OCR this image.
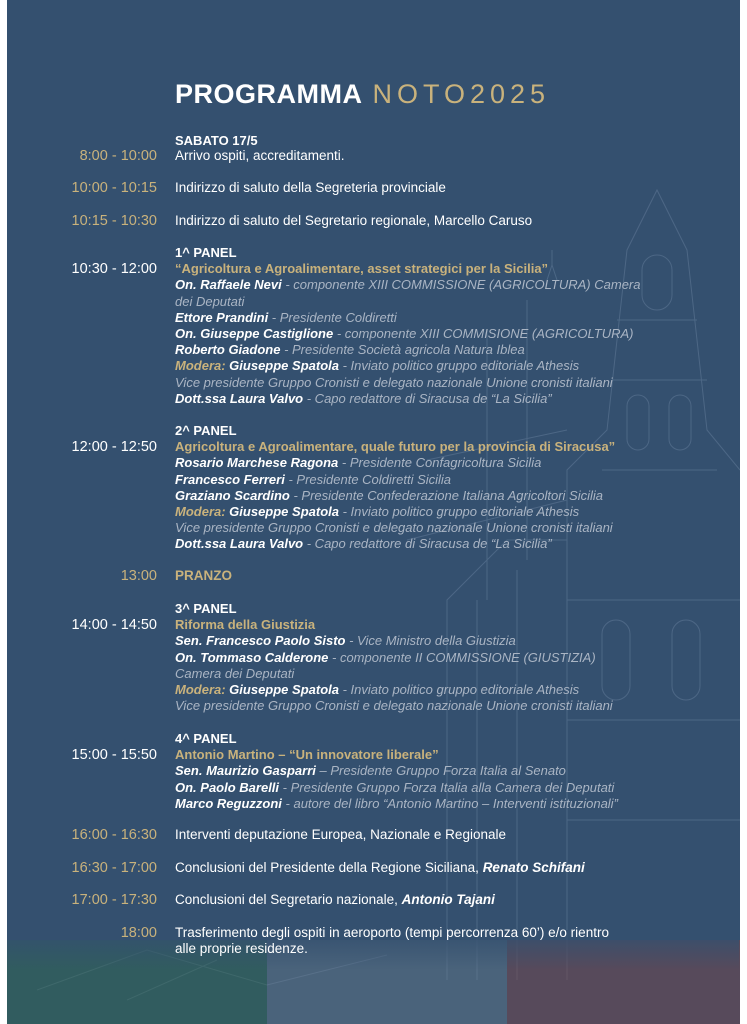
PROGRAMMA NOTO2025
SABATO 17/5
8:00 - 10:00 Arrivo ospiti, accreditamenti.
10:00 - 10:15 Indirizzo di saluto della Segreteria provinciale
10:15 - 10:30 Indirizzo di saluto del Segretario regionale, Marcello Caruso
10:30 - 12:00
1^ PANEL
“Agricoltura e Agroalimentare, asset strategici per la Sicilia”
On. Raffaele Nevi - componente XIII COMMISSIONE (AGRICOLTURA) Camera
dei Deputati
Ettore Prandini - Presidente Coldiretti
On. Giuseppe Castiglione - componente XIII COMMISIONE (AGRICOLTURA)
Roberto Giadone - Presidente Società agricola Natura Iblea
Modera: Giuseppe Spatola - Inviato politico gruppo editoriale Athesis
Vice presidente Gruppo Cronisti e delegato nazionale Unione cronisti italiani
Dott.ssa Laura Valvo - Capo redattore di Siracusa de “La Sicilia”
12:00 - 12:50
2^ PANEL
Agricoltura e Agroalimentare, quale futuro per la provincia di Siracusa”
Rosario Marchese Ragona - Presidente Confagricoltura Sicilia
Francesco Ferreri - Presidente Coldiretti Sicilia
Graziano Scardino - Presidente Confederazione Italiana Agricoltori Sicilia
Modera: Giuseppe Spatola - Inviato politico gruppo editoriale Athesis
Vice presidente Gruppo Cronisti e delegato nazionale Unione cronisti italiani
Dott.ssa Laura Valvo - Capo redattore di Siracusa de “La Sicilia”
13:00 PRANZO
14:00 - 14:50
3^ PANEL
Riforma della Giustizia
Sen. Francesco Paolo Sisto - Vice Ministro della Giustizia
On. Tommaso Calderone - componente II COMMISSIONE (GIUSTIZIA)
Camera dei Deputati
Modera: Giuseppe Spatola - Inviato politico gruppo editoriale Athesis
Vice presidente Gruppo Cronisti e delegato nazionale Unione cronisti italiani
15:00 - 15:50
4^ PANEL
Antonio Martino – “Un innovatore liberale”
Sen. Maurizio Gasparri – Presidente Gruppo Forza Italia al Senato
On. Paolo Barelli - Presidente Gruppo Forza Italia alla Camera dei Deputati
Marco Reguzzoni - autore del libro “Antonio Martino – Interventi istituzionali”
16:00 - 16:30 Interventi deputazione Europea, Nazionale e Regionale
16:30 - 17:00 Conclusioni del Presidente della Regione Siciliana, Renato Schifani
17:00 - 17:30 Conclusioni del Segretario nazionale, Antonio Tajani
18:00 Trasferimento degli ospiti in aeroporto (tempi percorrenza 60’) e/o rientro
alle proprie residenze.
